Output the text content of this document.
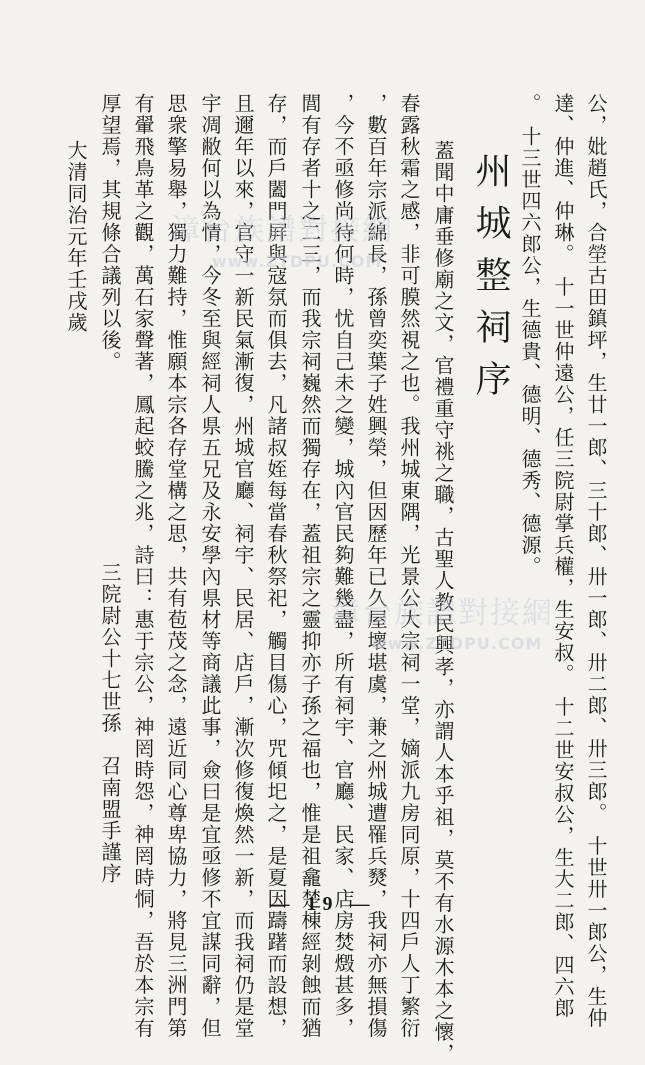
公，妣趙氏，合塋古田鎮坪，生廿一郎、三十郎、卅一郎、卅二郎、卅三郎。　十世卅一郎公，生仲
達、仲進、仲琳。　十一世仲遠公，任三院尉掌兵權，生安叔。　十二世安叔公，生大二郎、四六郎
。　十三世四六郎公，生德貴、德明、德秀、德源。
州城整祠序
蓋聞中庸垂修廟之文，官禮重守祧之職，古聖人教民興孝，亦謂人本乎祖，莫不有水源木本之懷，
春露秋霜之感，非可膜然視之也。我州城東隅，光景公大宗祠一堂，嫡派九房同原，十四戶人丁繁衍
，數百年宗派綿長，孫曾奕葉子姓興榮，但因歷年已久屋壞堪虞，兼之州城遭罹兵燹，我祠亦無損傷
，今不亟修尚待何時，忧自己未之變，城內官民夠難幾盡，所有祠宇、官廳、民家、店房焚燬甚多，
閭有存者十之二三，而我宗祠巍然而獨存在，蓋祖宗之靈抑亦子孫之福也，惟是祖龕楚棟經剝蝕而猶
存，而戶闔門屛與寇氛而俱去，凡諸叔姪每當春秋祭祀，觸目傷心，咒傾圯之，是夏因躊躇而設想，
且邇年以來，官守一新民氣漸復，州城官廳、祠宇、民居、店戶，漸次修復煥然一新，而我祠仍是堂
宇凋敝何以為情，今冬至與經祠人県五兄及永安學內県材等商議此事，僉曰是宜亟修不宜謀同辭，但
思衆擎易舉，獨力難持，惟願本宗各存堂構之思，共有苞茂之念，遠近同心尊卑協力，將見三洲門第
有翬飛鳥革之觀，萬石家聲著，鳳起蛟騰之兆，詩曰：惠于宗公，神罔時怨，神罔時恫，吾於本宗有
厚望焉，其規條合議列以後。
大清同治元年壬戌歲
三院尉公十七世孫　召南盟手謹序
— 19 —
漳台族譜對接網
www.ZTDPU.COM
漳台族譜對接網
www.ZTDPU.COM
